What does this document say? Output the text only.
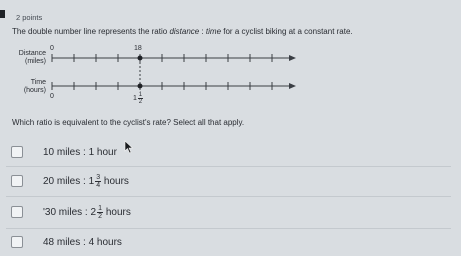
2 points
The double number line represents the ratio distance : time for a cyclist biking at a constant rate.
Distance
(miles)
Time
(hours)
0	18
0	$1 \frac{1}{2}$
Which ratio is equivalent to the cyclist's rate? Select all that apply.
10 miles : 1 hour
20 miles : $1 \frac{3}{4}$ hours
'30 miles : $2 \frac{1}{2}$ hours
48 miles : 4 hours
